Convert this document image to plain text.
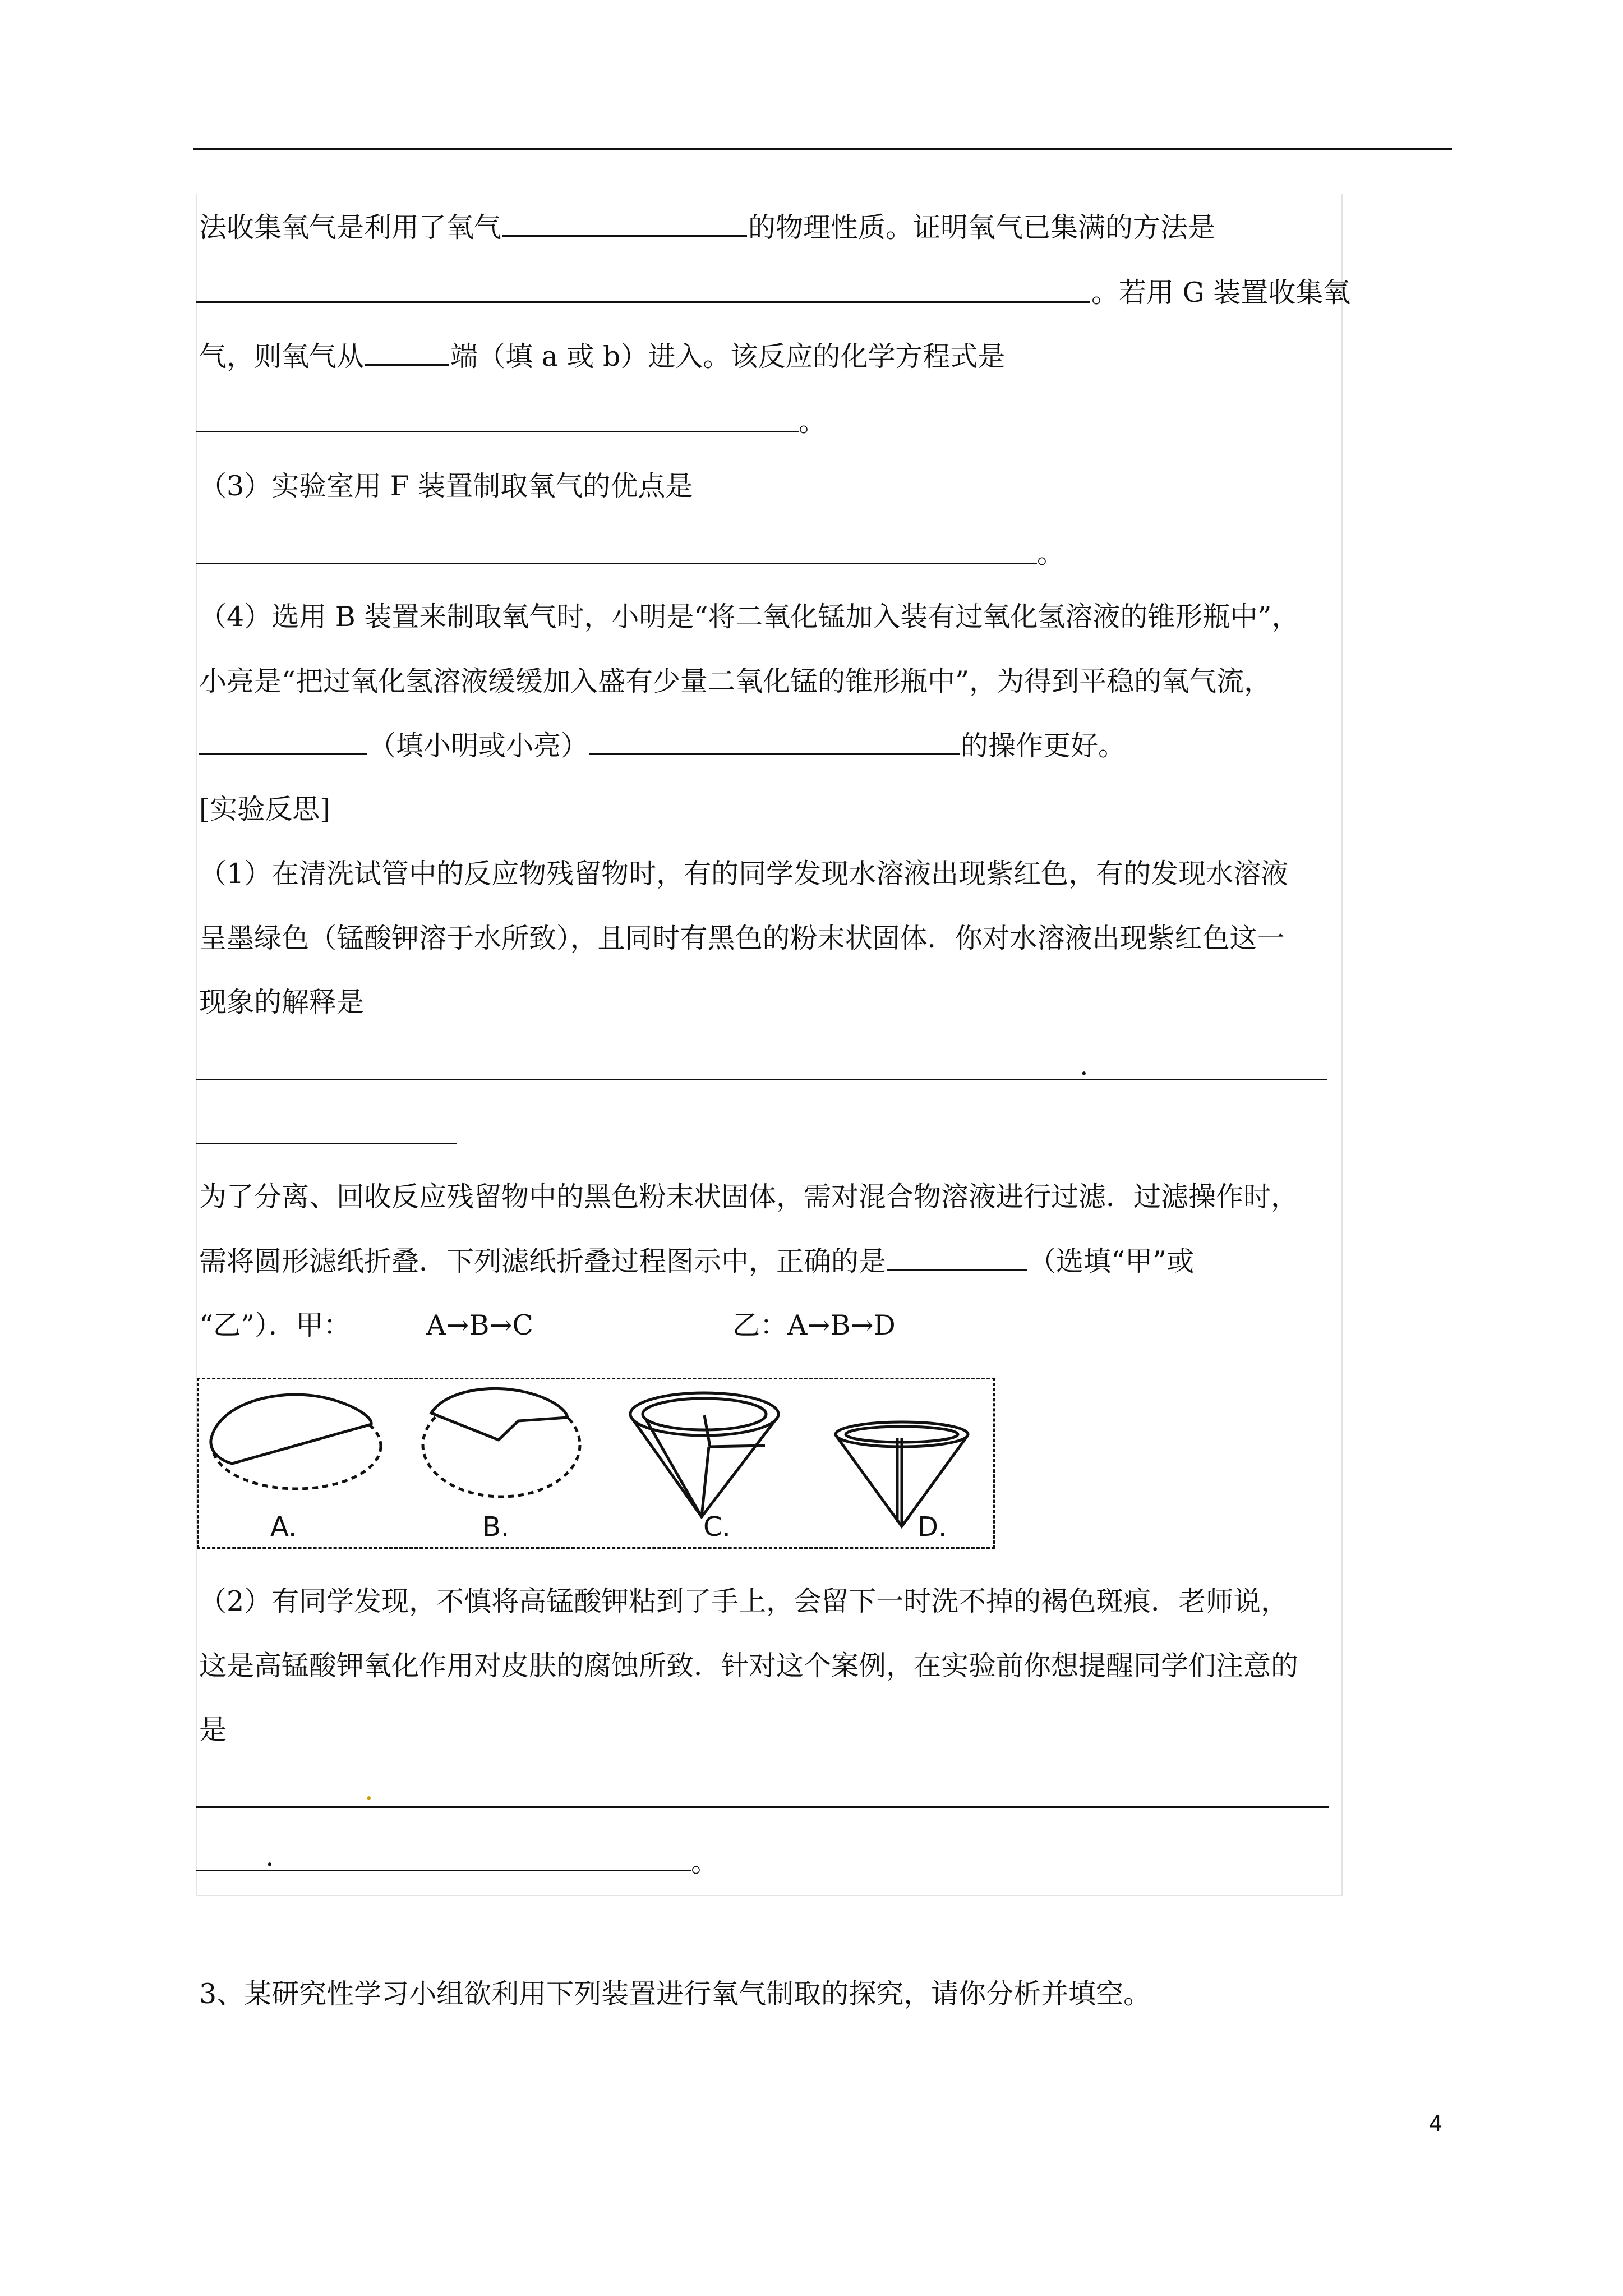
法收集氧气是利用了氧气	的物理性质。证明氧气已集满的方法是
。若用 G 装置收集氧
气，则氧气从	端（填 a 或 b）进入。该反应的化学方程式是
。
（3）实验室用 F 装置制取氧气的优点是
。
（4）选用 B 装置来制取氧气时，小明是“将二氧化锰加入装有过氧化氢溶液的锥形瓶中”，
小亮是“把过氧化氢溶液缓缓加入盛有少量二氧化锰的锥形瓶中”，为得到平稳的氧气流，
（填小明或小亮）	的操作更好。
[实验反思]
（1）在清洗试管中的反应物残留物时，有的同学发现水溶液出现紫红色，有的发现水溶液
呈墨绿色（锰酸钾溶于水所致），且同时有黑色的粉末状固体．你对水溶液出现紫红色这一
现象的解释是
.
为了分离、回收反应残留物中的黑色粉末状固体，需对混合物溶液进行过滤．过滤操作时，
需将圆形滤纸折叠．下列滤纸折叠过程图示中，正确的是	（选填“甲”或
“乙”）．甲：	A→B→C	乙：A→B→D
A.	B.	C.	D.
（2）有同学发现，不慎将高锰酸钾粘到了手上，会留下一时洗不掉的褐色斑痕．老师说，
这是高锰酸钾氧化作用对皮肤的腐蚀所致．针对这个案例，在实验前你想提醒同学们注意的
是
.
.	。
3、某研究性学习小组欲利用下列装置进行氧气制取的探究，请你分析并填空。
4
